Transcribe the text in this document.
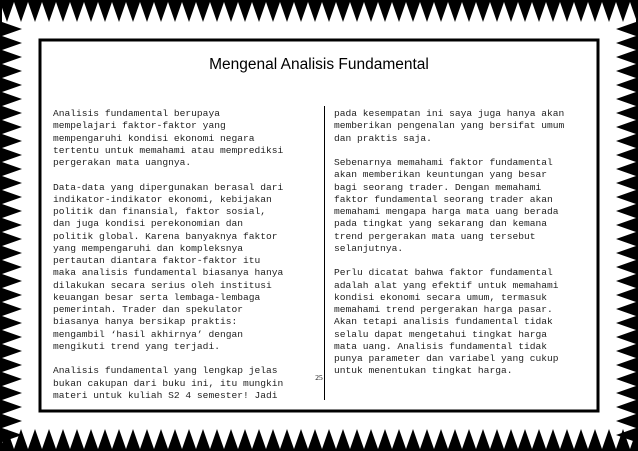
Mengenal Analisis Fundamental

Analisis fundamental berupaya
mempelajari faktor-faktor yang
mempengaruhi kondisi ekonomi negara
tertentu untuk memahami atau memprediksi
pergerakan mata uangnya.

Data-data yang dipergunakan berasal dari
indikator-indikator ekonomi, kebijakan
politik dan finansial, faktor sosial,
dan juga kondisi perekonomian dan
politik global. Karena banyaknya faktor
yang mempengaruhi dan kompleksnya
pertautan diantara faktor-faktor itu
maka analisis fundamental biasanya hanya
dilakukan secara serius oleh institusi
keuangan besar serta lembaga-lembaga
pemerintah. Trader dan spekulator
biasanya hanya bersikap praktis:
mengambil ‘hasil akhirnya’ dengan
mengikuti trend yang terjadi.

Analisis fundamental yang lengkap jelas
bukan cakupan dari buku ini, itu mungkin
materi untuk kuliah S2 4 semester! Jadi

pada kesempatan ini saya juga hanya akan
memberikan pengenalan yang bersifat umum
dan praktis saja.

Sebenarnya memahami faktor fundamental
akan memberikan keuntungan yang besar
bagi seorang trader. Dengan memahami
faktor fundamental seorang trader akan
memahami mengapa harga mata uang berada
pada tingkat yang sekarang dan kemana
trend pergerakan mata uang tersebut
selanjutnya.

Perlu dicatat bahwa faktor fundamental
adalah alat yang efektif untuk memahami
kondisi ekonomi secara umum, termasuk
memahami trend pergerakan harga pasar.
Akan tetapi analisis fundamental tidak
selalu dapat mengetahui tingkat harga
mata uang. Analisis fundamental tidak
punya parameter dan variabel yang cukup
untuk menentukan tingkat harga.

25
